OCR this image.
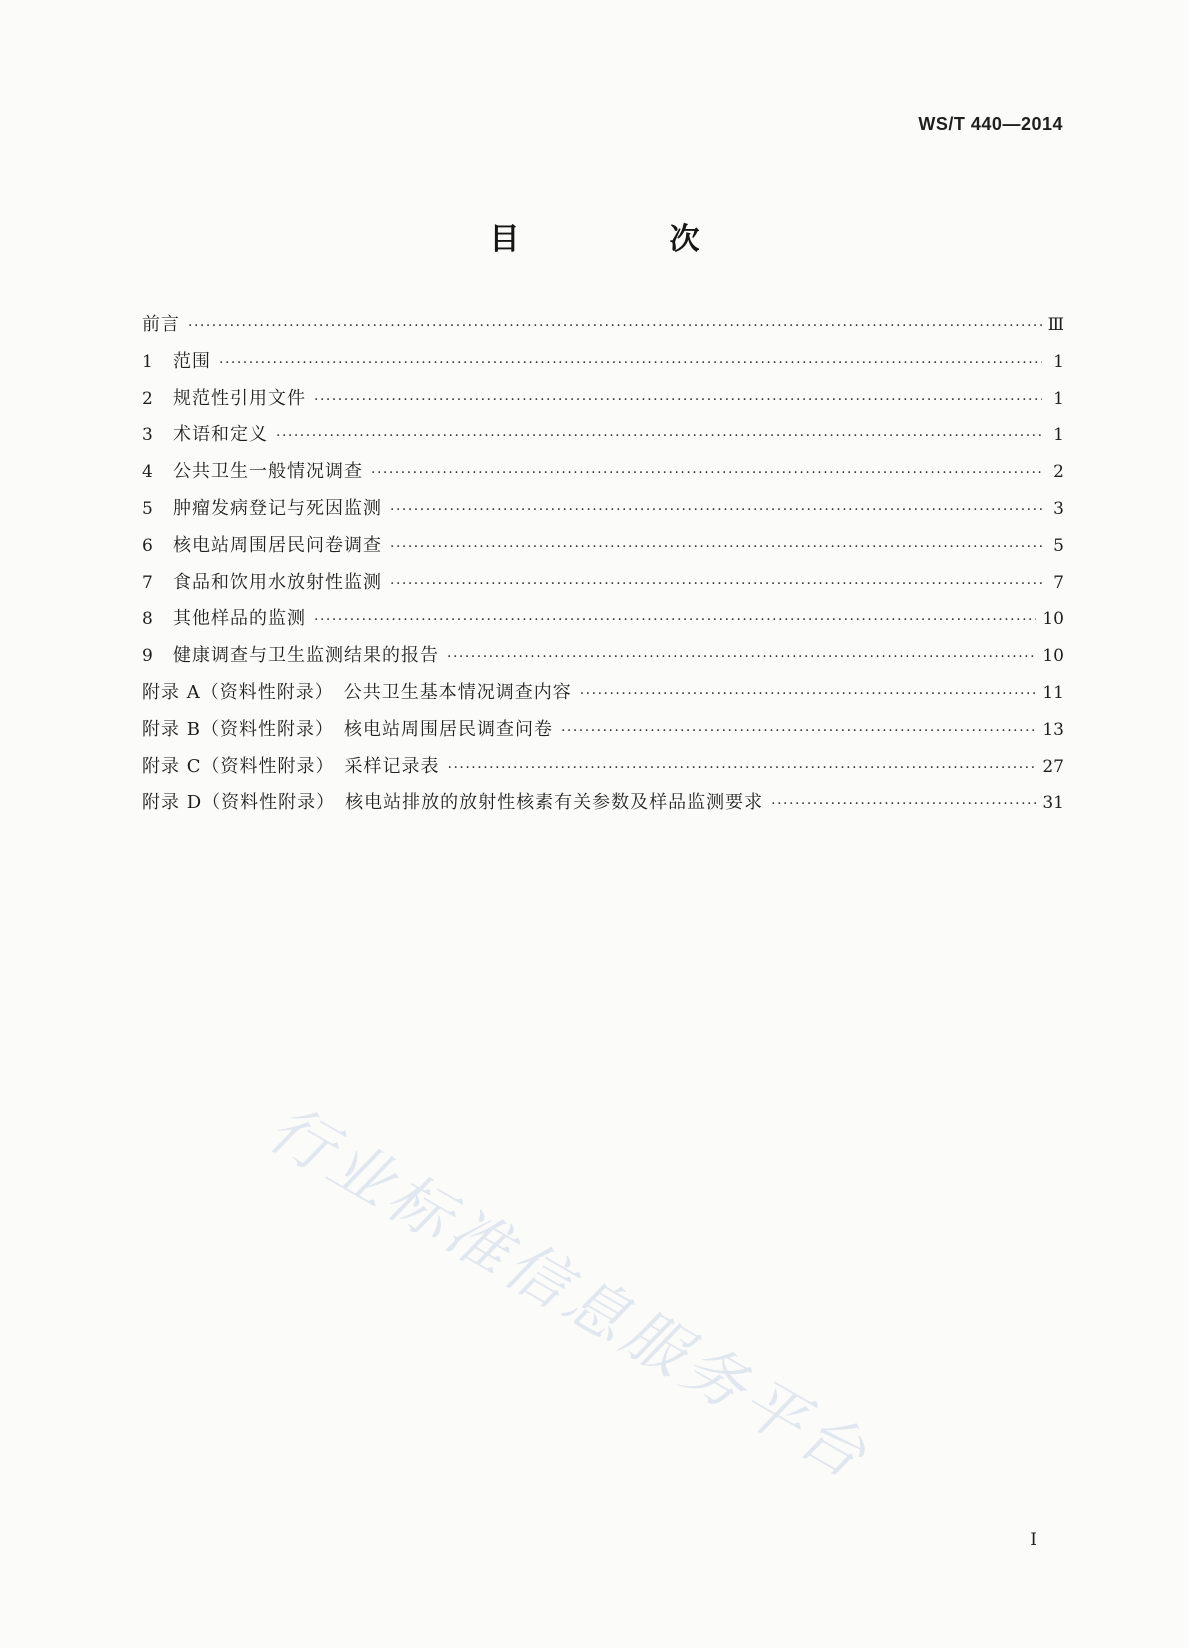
WS/T 440—2014
目　次
前言 ·····	Ⅲ
1	范围 ·····	1
2	规范性引用文件 ·····	1
3	术语和定义 ·····	1
4	公共卫生一般情况调查 ·····	2
5	肿瘤发病登记与死因监测 ·····	3
6	核电站周围居民问卷调查 ·····	5
7	食品和饮用水放射性监测 ·····	7
8	其他样品的监测 ·····	10
9	健康调查与卫生监测结果的报告 ·····	10
附录 A（资料性附录）　公共卫生基本情况调查内容 ·····	11
附录 B（资料性附录）　核电站周围居民调查问卷 ·····	13
附录 C（资料性附录）　采样记录表 ·····	27
附录 D（资料性附录）　核电站排放的放射性核素有关参数及样品监测要求 ·····	31
行业标准信息服务平台
I
